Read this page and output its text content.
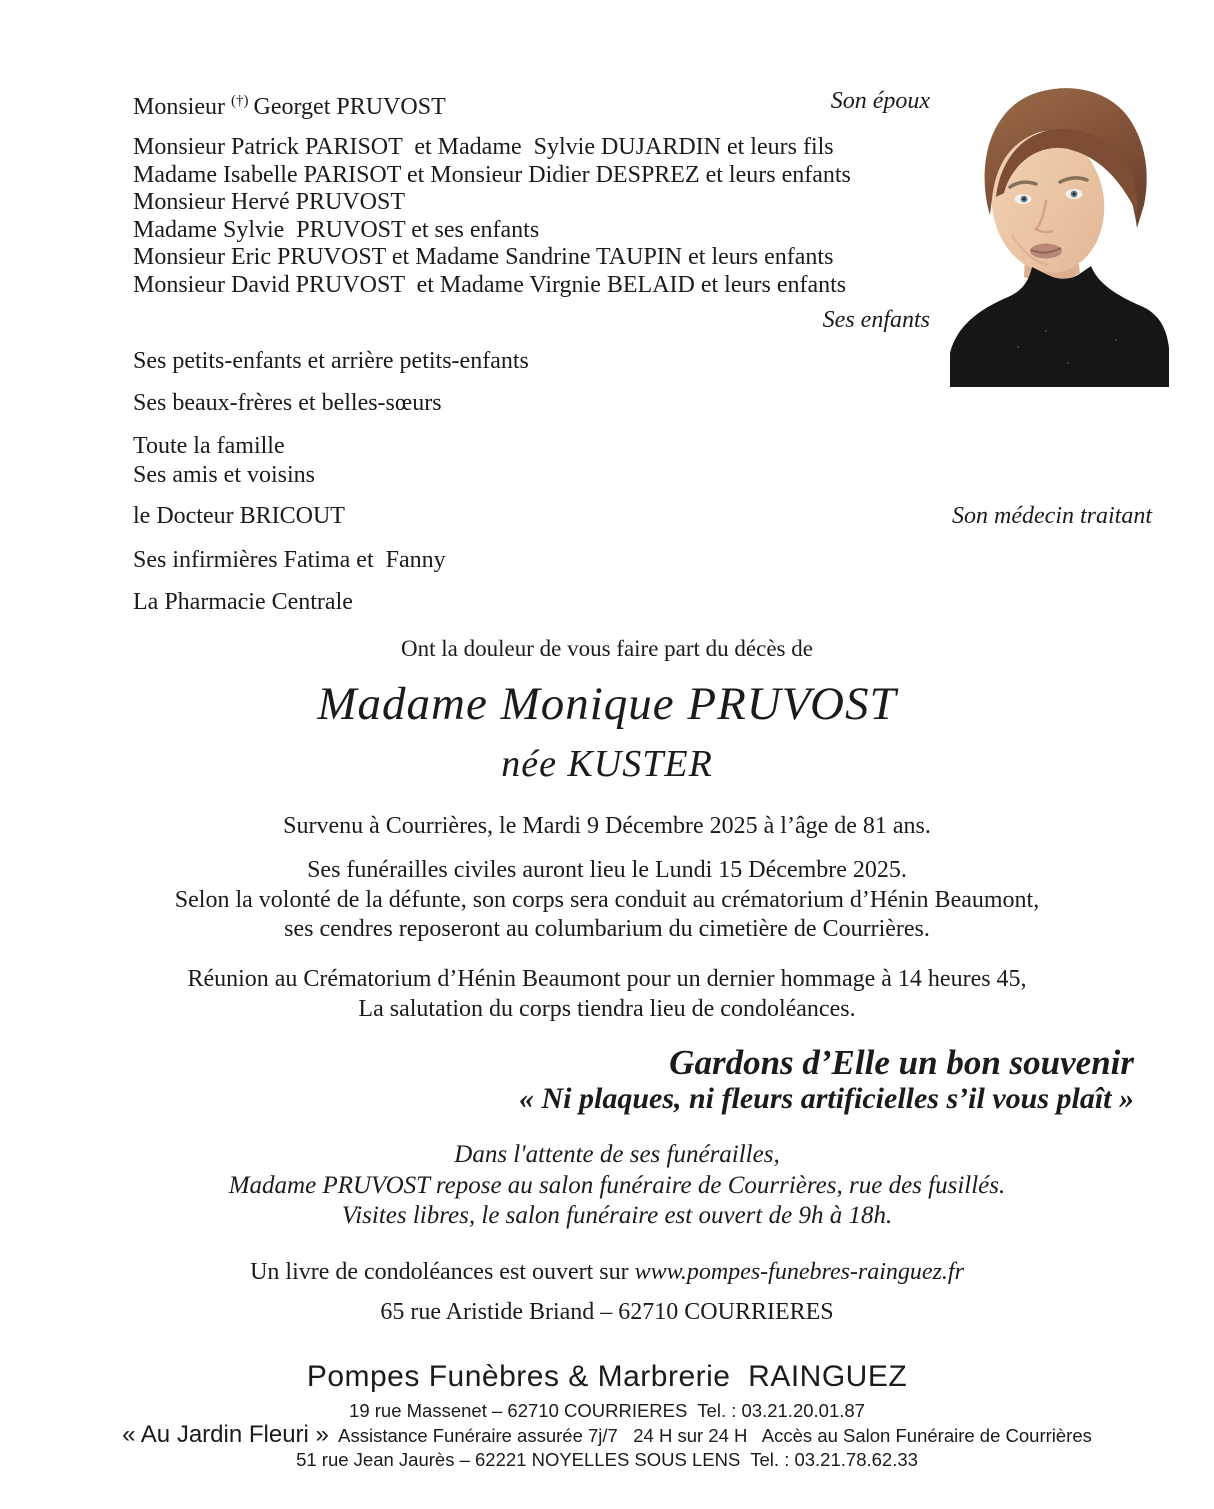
Monsieur (†) Georget PRUVOST	Son époux
Monsieur Patrick PARISOT  et Madame  Sylvie DUJARDIN et leurs fils
Madame Isabelle PARISOT et Monsieur Didier DESPREZ et leurs enfants
Monsieur Hervé PRUVOST
Madame Sylvie  PRUVOST et ses enfants
Monsieur Eric PRUVOST et Madame Sandrine TAUPIN et leurs enfants
Monsieur David PRUVOST  et Madame Virgnie BELAID et leurs enfants
Ses enfants
Ses petits-enfants et arrière petits-enfants
Ses beaux-frères et belles-sœurs
Toute la famille
Ses amis et voisins
le Docteur BRICOUT	Son médecin traitant
Ses infirmières Fatima et  Fanny
La Pharmacie Centrale
Ont la douleur de vous faire part du décès de
Madame Monique PRUVOST
née KUSTER
Survenu à Courrières, le Mardi 9 Décembre 2025 à l’âge de 81 ans.
Ses funérailles civiles auront lieu le Lundi 15 Décembre 2025.
Selon la volonté de la défunte, son corps sera conduit au crématorium d’Hénin Beaumont,
ses cendres reposeront au columbarium du cimetière de Courrières.
Réunion au Crématorium d’Hénin Beaumont pour un dernier hommage à 14 heures 45,
La salutation du corps tiendra lieu de condoléances.
Gardons d’Elle un bon souvenir
« Ni plaques, ni fleurs artificielles s’il vous plaît »
Dans l'attente de ses funérailles,
Madame PRUVOST repose au salon funéraire de Courrières, rue des fusillés.
Visites libres, le salon funéraire est ouvert de 9h à 18h.
Un livre de condoléances est ouvert sur www.pompes-funebres-rainguez.fr
65 rue Aristide Briand – 62710 COURRIERES
Pompes Funèbres & Marbrerie  RAINGUEZ
19 rue Massenet – 62710 COURRIERES  Tel. : 03.21.20.01.87
« Au Jardin Fleuri »  Assistance Funéraire assurée 7j/7   24 H sur 24 H   Accès au Salon Funéraire de Courrières
51 rue Jean Jaurès – 62221 NOYELLES SOUS LENS  Tel. : 03.21.78.62.33
